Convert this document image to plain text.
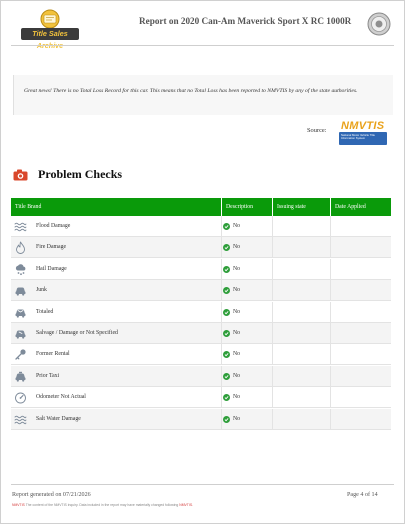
Title Sales
Report on 2020 Can-Am Maverick Sport X RC 1000R
Great news! There is no Total Loss Record for this car. This means that no Total Loss has been reported to NMVTIS by any of the state authorities.
Source: NMVTIS
National Motor Vehicle Title Information System
Problem Checks
Title Brand	Description	Issuing state	Date Applied
Flood Damage	No
Fire Damage	No
Hail Damage	No
Junk	No
Totaled	No
Salvage / Damage or Not Specified	No
Former Rental	No
Prior Taxi	No
Odometer Not Actual	No
Salt Water Damage	No
Report generated on 07/21/2026	Page 4 of 14
NMVTIS The content of the NMVTIS inquiry. Data included in the report may have materially changed following NMVTIS.
